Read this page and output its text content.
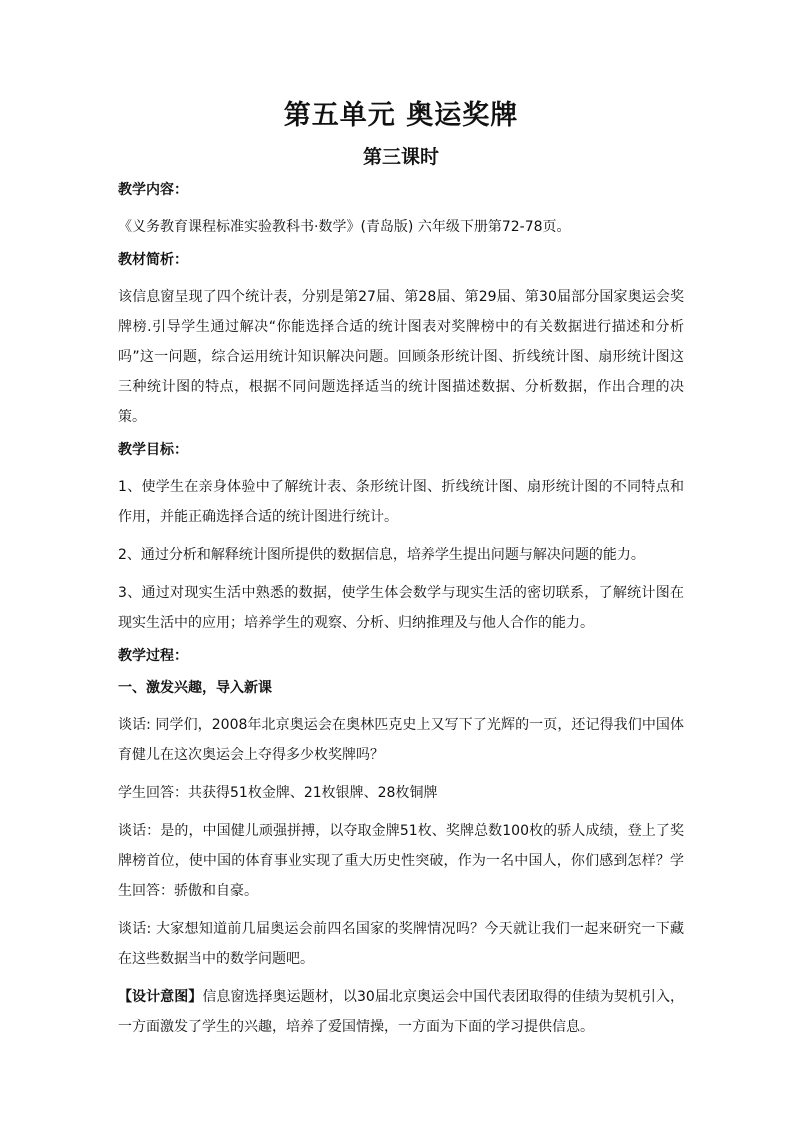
第五单元 奥运奖牌
第三课时

教学内容：

《义务教育课程标准实验教科书·数学》(青岛版) 六年级下册第72-78页。

教材简析：

该信息窗呈现了四个统计表，分别是第27届、第28届、第29届、第30届部分国家奥运会奖牌榜.引导学生通过解决“你能选择合适的统计图表对奖牌榜中的有关数据进行描述和分析吗”这一问题，综合运用统计知识解决问题。回顾条形统计图、折线统计图、扇形统计图这三种统计图的特点，根据不同问题选择适当的统计图描述数据、分析数据，作出合理的决策。

教学目标：

1、使学生在亲身体验中了解统计表、条形统计图、折线统计图、扇形统计图的不同特点和作用，并能正确选择合适的统计图进行统计。

2、通过分析和解释统计图所提供的数据信息，培养学生提出问题与解决问题的能力。

3、通过对现实生活中熟悉的数据，使学生体会数学与现实生活的密切联系，了解统计图在现实生活中的应用；培养学生的观察、分析、归纳推理及与他人合作的能力。

教学过程：

一、激发兴趣，导入新课

谈话: 同学们，2008年北京奥运会在奥林匹克史上又写下了光辉的一页，还记得我们中国体育健儿在这次奥运会上夺得多少枚奖牌吗？

学生回答：共获得51枚金牌、21枚银牌、28枚铜牌

谈话：是的，中国健儿顽强拼搏，以夺取金牌51枚、奖牌总数100枚的骄人成绩，登上了奖牌榜首位，使中国的体育事业实现了重大历史性突破，作为一名中国人，你们感到怎样？学生回答：骄傲和自豪。

谈话: 大家想知道前几届奥运会前四名国家的奖牌情况吗？今天就让我们一起来研究一下藏在这些数据当中的数学问题吧。

【设计意图】信息窗选择奥运题材，以30届北京奥运会中国代表团取得的佳绩为契机引入，一方面激发了学生的兴趣，培养了爱国情操，一方面为下面的学习提供信息。
